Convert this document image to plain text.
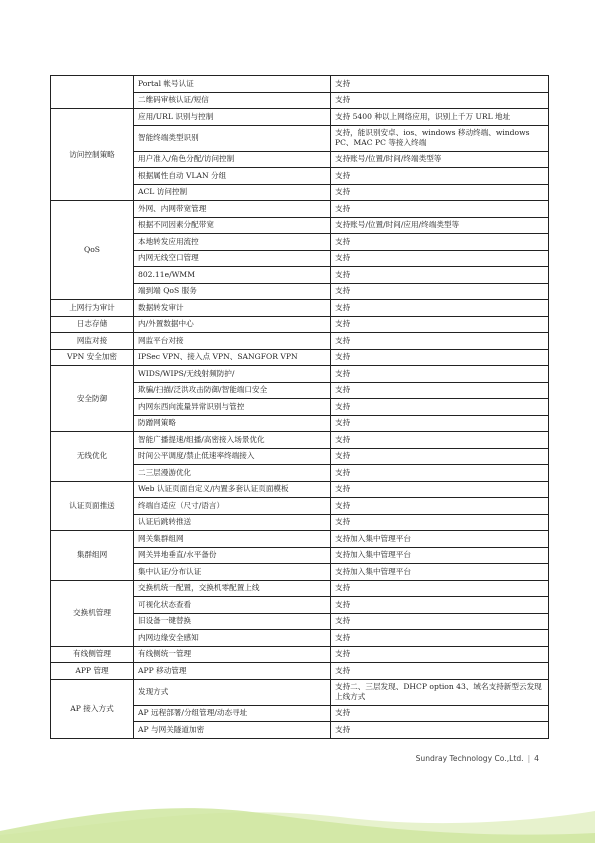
	Portal 帐号认证	支持
	二维码审核认证/短信	支持
访问控制策略	应用/URL 识别与控制	支持 5400 种以上网络应用，识别上千万 URL 地址
	智能终端类型识别	支持，能识别安卓、ios、windows 移动终端、windows PC、MAC PC 等接入终端
	用户准入/角色分配/访问控制	支持账号/位置/时间/终端类型等
	根据属性自动 VLAN 分组	支持
	ACL 访问控制	支持
QoS	外网、内网带宽管理	支持
	根据不同因素分配带宽	支持账号/位置/时间/应用/终端类型等
	本地转发应用流控	支持
	内网无线空口管理	支持
	802.11e/WMM	支持
	端到端 QoS 服务	支持
上网行为审计	数据转发审计	支持
日志存储	内/外置数据中心	支持
网监对接	网监平台对接	支持
VPN 安全加密	IPSec VPN、接入点 VPN、SANGFOR VPN	支持
安全防御	WIDS/WIPS/无线射频防护/	支持
	欺骗/扫描/泛洪攻击防御/智能端口安全	支持
	内网东西向流量异常识别与管控	支持
	防蹭网策略	支持
无线优化	智能广播提速/组播/高密接入场景优化	支持
	时间公平调度/禁止低速率终端接入	支持
	二三层漫游优化	支持
认证页面推送	Web 认证页面自定义/内置多套认证页面模板	支持
	终端自适应（尺寸/语言）	支持
	认证后跳转推送	支持
集群组网	网关集群组网	支持加入集中管理平台
	网关异地垂直/水平备份	支持加入集中管理平台
	集中认证/分布认证	支持加入集中管理平台
交换机管理	交换机统一配置，交换机零配置上线	支持
	可视化状态查看	支持
	旧设备一键替换	支持
	内网边缘安全感知	支持
有线侧管理	有线侧统一管理	支持
APP 管理	APP 移动管理	支持
AP 接入方式	发现方式	支持二、三层发现、DHCP option 43、域名支持新型云发现上线方式
	AP 远程部署/分组管理/动态寻址	支持
	AP 与网关隧道加密	支持
Sundray Technology Co.,Ltd. | 4
